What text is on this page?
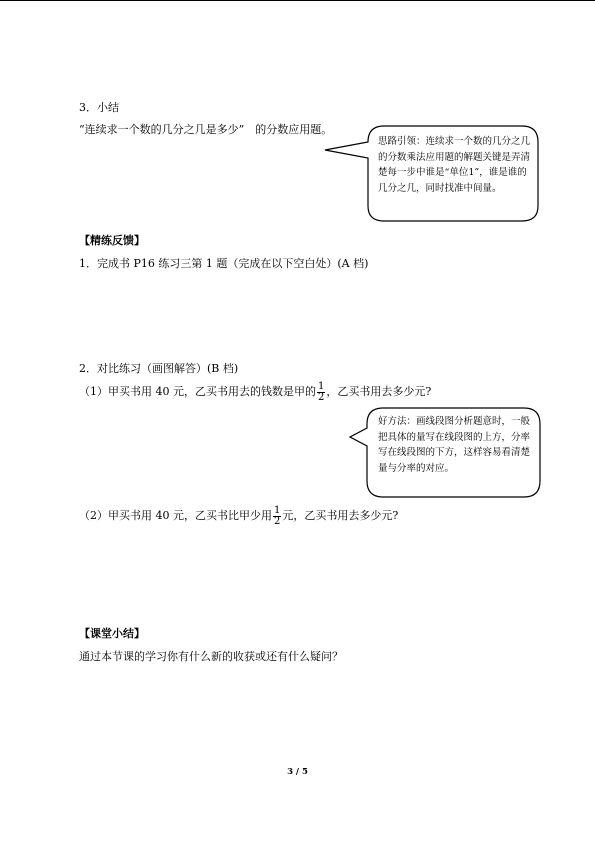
3．小结
“连续求一个数的几分之几是多少”　的分数应用题。
思路引领：连续求一个数的几分之几的分数乘法应用题的解题关键是弄清楚每一步中谁是“单位1”，谁是谁的几分之几，同时找准中间量。
【精练反馈】
1．完成书 P16 练习三第 1 题（完成在以下空白处）(A 档)
2．对比练习（画图解答）(B 档)
（1）甲买书用 40 元，乙买书用去的钱数是甲的 $\frac{1}{2}$ ，乙买书用去多少元?
好方法：画线段图分析题意时，一般把具体的量写在线段图的上方，分率写在线段图的下方，这样容易看清楚量与分率的对应。
（2）甲买书用 40 元，乙买书比甲少用 $\frac{1}{2}$ 元，乙买书用去多少元?
【课堂小结】
通过本节课的学习你有什么新的收获或还有什么疑问？
3 / 5
